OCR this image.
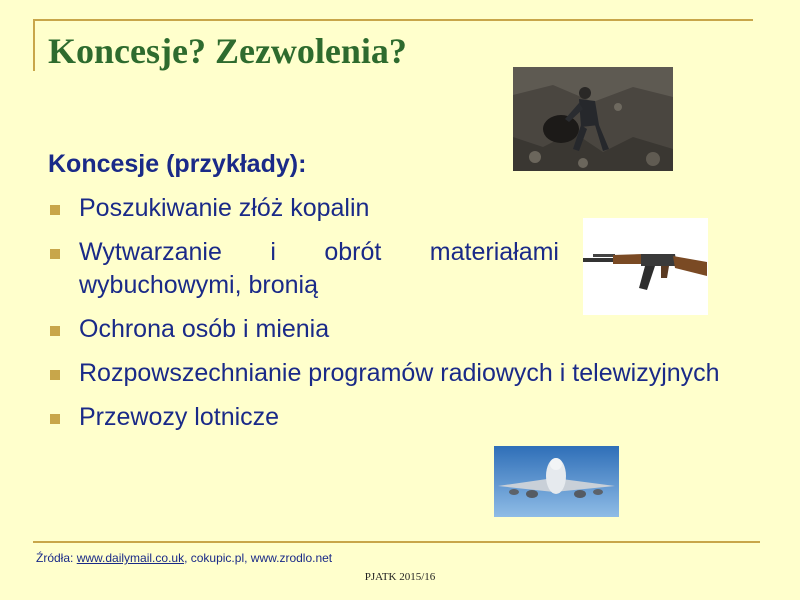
Koncesje? Zezwolenia?
Koncesje (przykłady):
Poszukiwanie złóż kopalin
Wytwarzanie i obrót materiałami wybuchowymi, bronią
Ochrona osób i mienia
Rozpowszechnianie programów radiowych i telewizyjnych
Przewozy lotnicze
Źródła: www.dailymail.co.uk, cokupic.pl, www.zrodlo.net
PJATK 2015/16
